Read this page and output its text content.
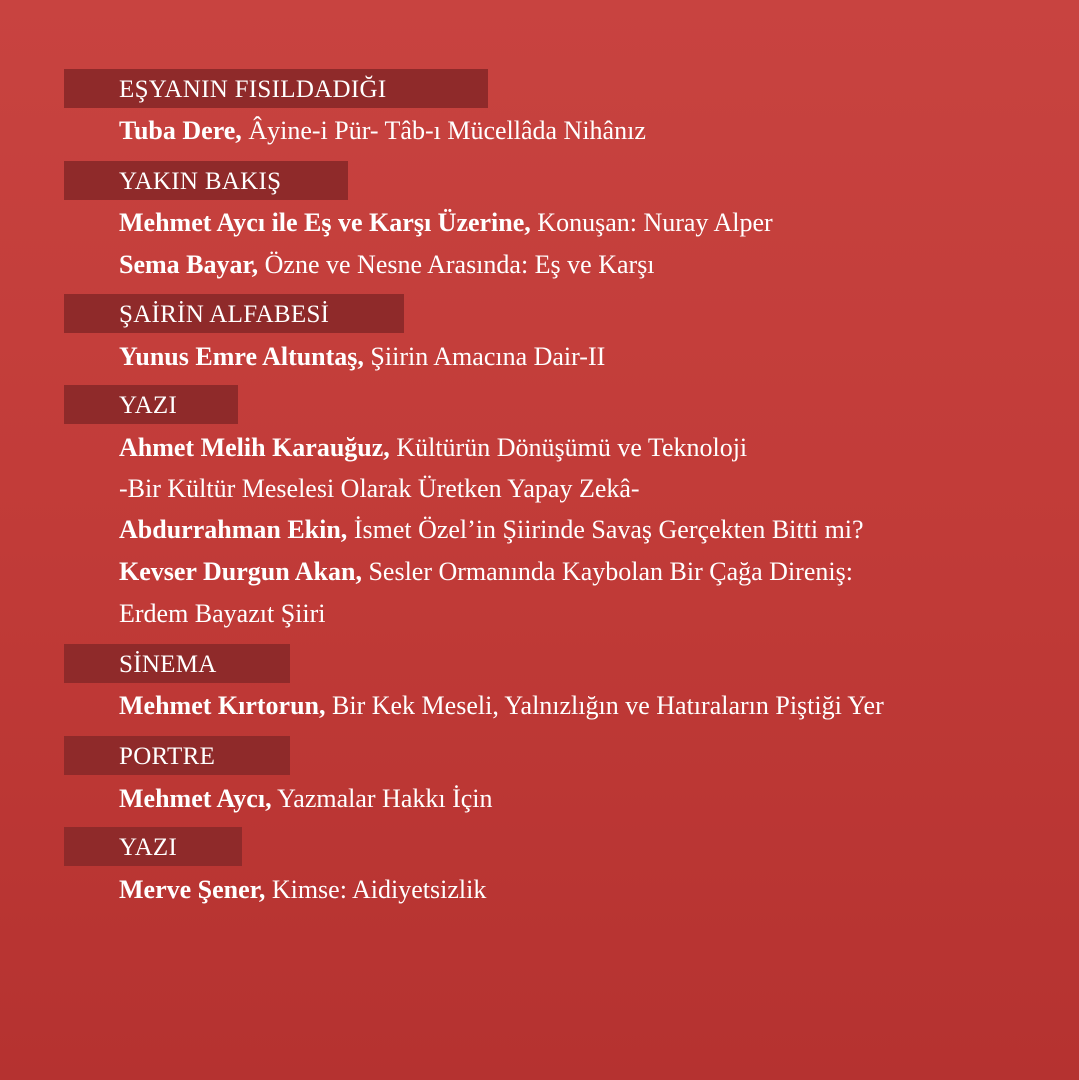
EŞYANIN FISILDADIĞI
Tuba Dere, Âyine-i Pür- Tâb-ı Mücellâda Nihânız
YAKIN BAKIŞ
Mehmet Aycı ile Eş ve Karşı Üzerine, Konuşan: Nuray Alper
Sema Bayar, Özne ve Nesne Arasında: Eş ve Karşı
ŞAİRİN ALFABESİ
Yunus Emre Altuntaş, Şiirin Amacına Dair-II
YAZI
Ahmet Melih Karauğuz, Kültürün Dönüşümü ve Teknoloji
-Bir Kültür Meselesi Olarak Üretken Yapay Zekâ-
Abdurrahman Ekin, İsmet Özel’in Şiirinde Savaş Gerçekten Bitti mi?
Kevser Durgun Akan, Sesler Ormanında Kaybolan Bir Çağa Direniş:
Erdem Bayazıt Şiiri
SİNEMA
Mehmet Kırtorun, Bir Kek Meseli, Yalnızlığın ve Hatıraların Piştiği Yer
PORTRE
Mehmet Aycı, Yazmalar Hakkı İçin
YAZI
Merve Şener, Kimse: Aidiyetsizlik
